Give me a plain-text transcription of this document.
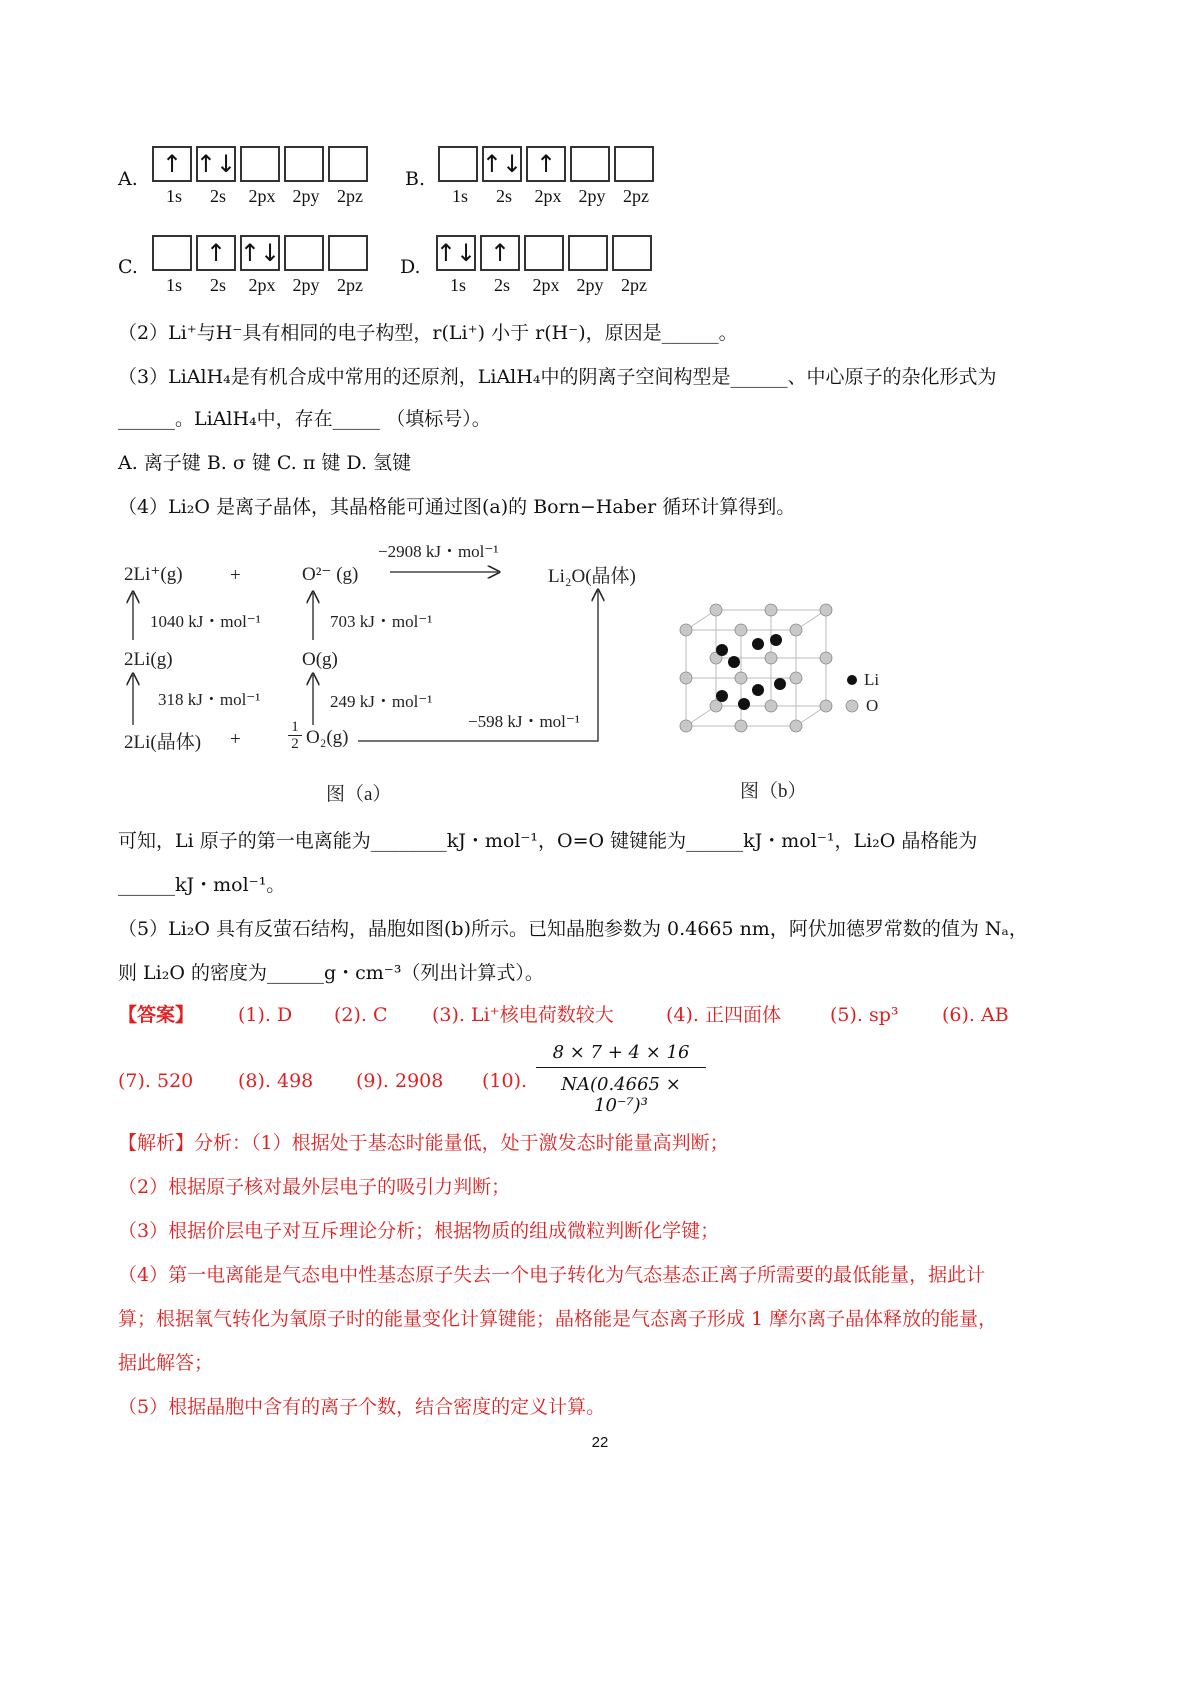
A.
↑ ↑↓
1s	2s	2px 2py 2pz
B.
↑↓ ↑
1s	2s	2px 2py 2pz
C.	↑ ↑↓
1s	2s	2px 2py 2pz
D. ↑↓ ↑
1s	2s	2px 2py 2pz
（2）Li⁺与H⁻具有相同的电子构型，r(Li⁺) 小于 r(H⁻)，原因是______。
（3）LiAlH₄是有机合成中常用的还原剂，LiAlH₄中的阴离子空间构型是______、中心原子的杂化形式为
______。LiAlH₄中，存在_____ （填标号）。
A. 离子键 B. σ 键 C. π 键 D. 氢键
（4）Li₂O 是离子晶体，其晶格能可通过图(a)的 Born−Haber 循环计算得到。
−2908 kJ・mol⁻¹
2Li⁺(g) +	O²⁻ (g)	Li₂O(晶体)
1040 kJ・mol⁻¹	703 kJ・mol⁻¹
2Li(g)	O(g)
318 kJ・mol⁻¹	249 kJ・mol⁻¹
−598 kJ・mol⁻¹
2Li(晶体) +	$\frac{1}{2} O_2(g)$
图（a）
Li
O
图（b）
可知，Li 原子的第一电离能为________kJ・mol⁻¹，O=O 键键能为______kJ・mol⁻¹，Li₂O 晶格能为
______kJ・mol⁻¹。
（5）Li₂O 具有反萤石结构，晶胞如图(b)所示。已知晶胞参数为 0.4665 nm，阿伏加德罗常数的值为 Nₐ，
则 Li₂O 的密度为______g・cm⁻³（列出计算式）。
【答案】 (1). D (2). C (3). Li⁺核电荷数较大	(4). 正四面体	(5). sp³ (6). AB
(7). 520 (8). 498 (9). 2908 (10). $\frac{8 \times 7 + 4 \times 16}{\text{NA(0.4665 × 10⁻⁷)³}}$
【解析】分析：（1）根据处于基态时能量低，处于激发态时能量高判断；
（2）根据原子核对最外层电子的吸引力判断；
（3）根据价层电子对互斥理论分析；根据物质的组成微粒判断化学键；
（4）第一电离能是气态电中性基态原子失去一个电子转化为气态基态正离子所需要的最低能量，据此计
算；根据氧气转化为氧原子时的能量变化计算键能；晶格能是气态离子形成 1 摩尔离子晶体释放的能量，
据此解答；
（5）根据晶胞中含有的离子个数，结合密度的定义计算。
22
